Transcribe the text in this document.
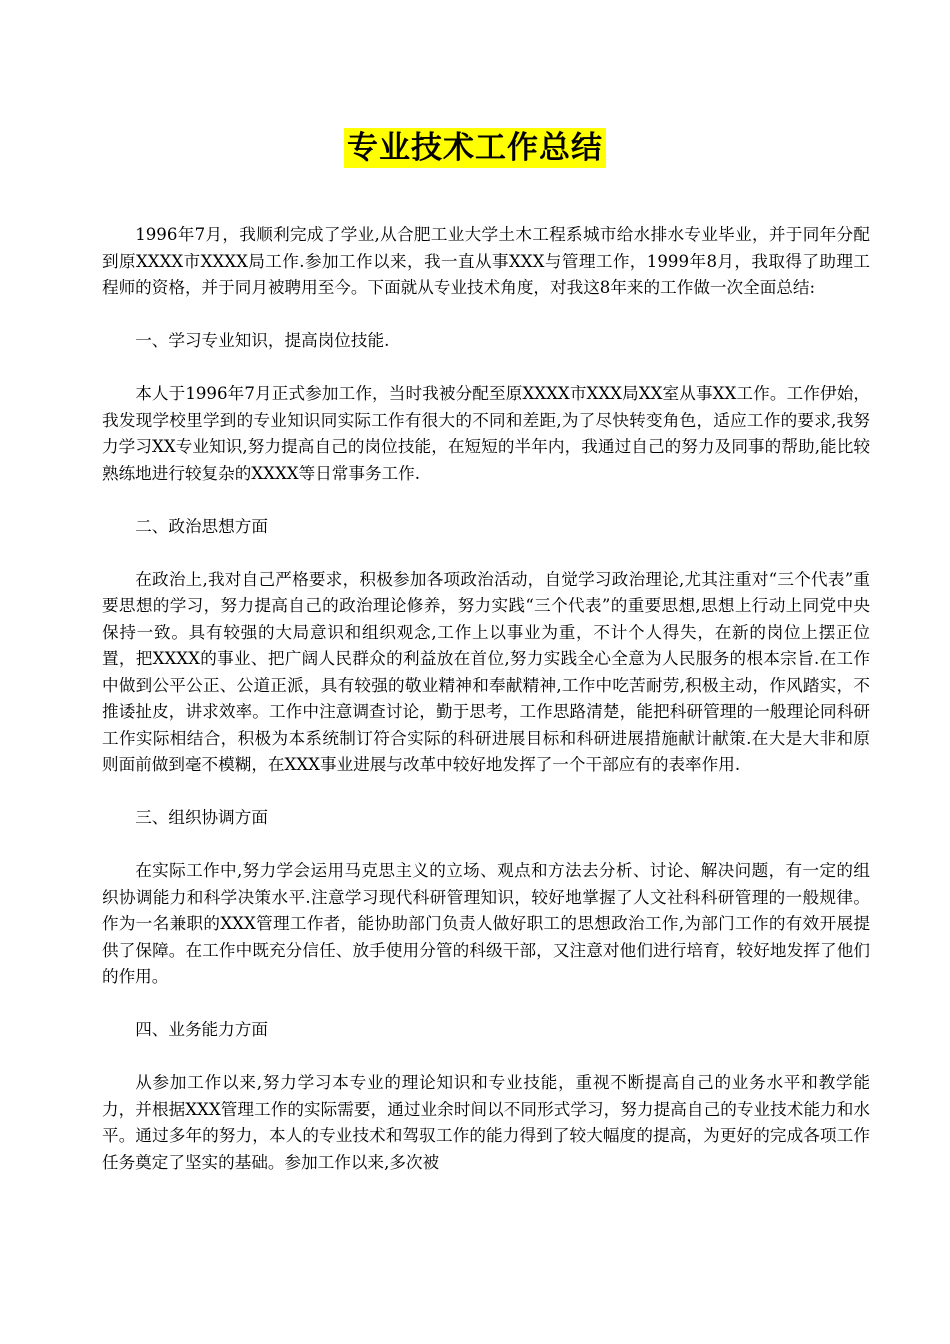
专业技术工作总结

1996年7月，我顺利完成了学业,从合肥工业大学土木工程系城市给水排水专业毕业，并于同年分配到原XXXX市XXXX局工作.参加工作以来，我一直从事XXX与管理工作，1999年8月，我取得了助理工程师的资格，并于同月被聘用至今。下面就从专业技术角度，对我这8年来的工作做一次全面总结:

一、学习专业知识，提高岗位技能.

本人于1996年7月正式参加工作，当时我被分配至原XXXX市XXX局XX室从事XX工作。工作伊始，我发现学校里学到的专业知识同实际工作有很大的不同和差距,为了尽快转变角色，适应工作的要求,我努力学习XX专业知识,努力提高自己的岗位技能，在短短的半年内，我通过自己的努力及同事的帮助,能比较熟练地进行较复杂的XXXX等日常事务工作.

二、政治思想方面

在政治上,我对自己严格要求，积极参加各项政治活动，自觉学习政治理论,尤其注重对“三个代表”重要思想的学习，努力提高自己的政治理论修养，努力实践“三个代表”的重要思想,思想上行动上同党中央保持一致。具有较强的大局意识和组织观念,工作上以事业为重，不计个人得失，在新的岗位上摆正位置，把XXXX的事业、把广阔人民群众的利益放在首位,努力实践全心全意为人民服务的根本宗旨.在工作中做到公平公正、公道正派，具有较强的敬业精神和奉献精神,工作中吃苦耐劳,积极主动，作风踏实，不推诿扯皮，讲求效率。工作中注意调查讨论，勤于思考，工作思路清楚，能把科研管理的一般理论同科研工作实际相结合，积极为本系统制订符合实际的科研进展目标和科研进展措施献计献策.在大是大非和原则面前做到毫不模糊，在XXX事业进展与改革中较好地发挥了一个干部应有的表率作用.

三、组织协调方面

在实际工作中,努力学会运用马克思主义的立场、观点和方法去分析、讨论、解决问题，有一定的组织协调能力和科学决策水平.注意学习现代科研管理知识，较好地掌握了人文社科科研管理的一般规律。作为一名兼职的XXX管理工作者，能协助部门负责人做好职工的思想政治工作,为部门工作的有效开展提供了保障。在工作中既充分信任、放手使用分管的科级干部，又注意对他们进行培育，较好地发挥了他们的作用。

四、业务能力方面

从参加工作以来,努力学习本专业的理论知识和专业技能，重视不断提高自己的业务水平和教学能力，并根据XXX管理工作的实际需要，通过业余时间以不同形式学习，努力提高自己的专业技术能力和水平。通过多年的努力，本人的专业技术和驾驭工作的能力得到了较大幅度的提高，为更好的完成各项工作任务奠定了坚实的基础。参加工作以来,多次被
